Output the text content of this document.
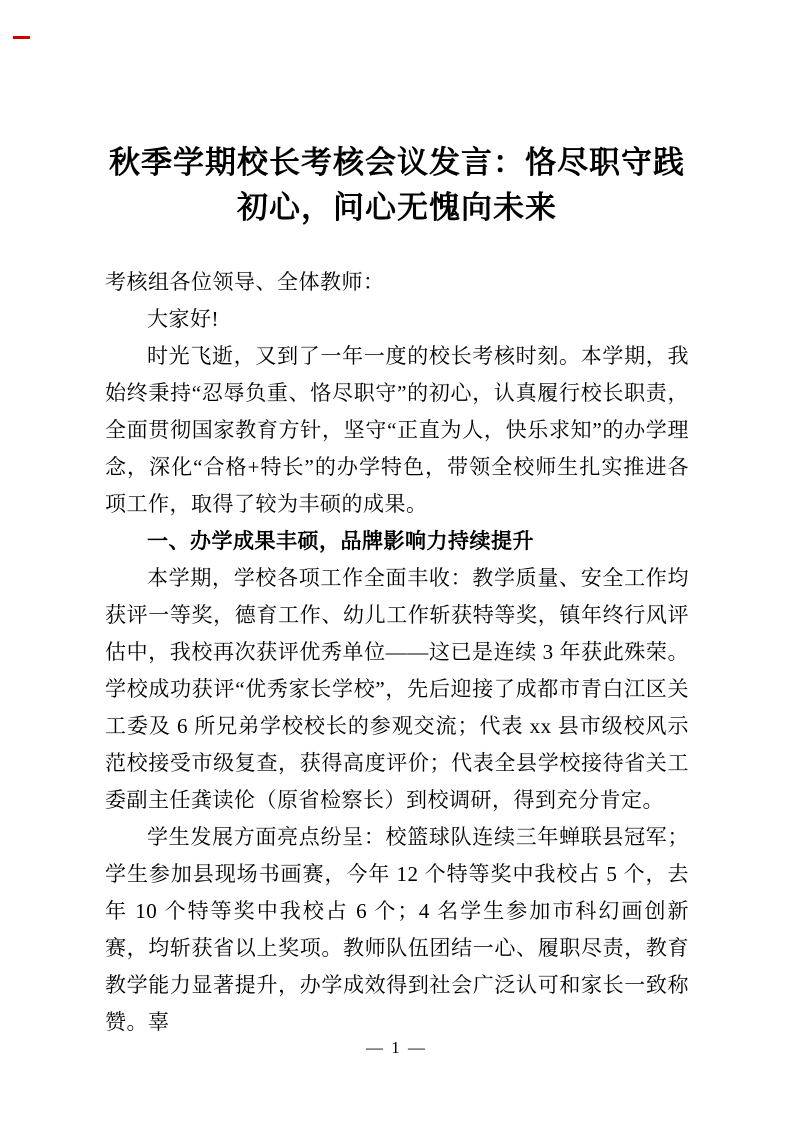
秋季学期校长考核会议发言：恪尽职守践初心，问心无愧向未来

考核组各位领导、全体教师：

大家好!

时光飞逝，又到了一年一度的校长考核时刻。本学期，我始终秉持“忍辱负重、恪尽职守”的初心，认真履行校长职责，全面贯彻国家教育方针，坚守“正直为人，快乐求知”的办学理念，深化“合格+特长”的办学特色，带领全校师生扎实推进各项工作，取得了较为丰硕的成果。

一、办学成果丰硕，品牌影响力持续提升

本学期，学校各项工作全面丰收：教学质量、安全工作均获评一等奖，德育工作、幼儿工作斩获特等奖，镇年终行风评估中，我校再次获评优秀单位——这已是连续 3 年获此殊荣。学校成功获评“优秀家长学校”，先后迎接了成都市青白江区关工委及 6 所兄弟学校校长的参观交流；代表 xx 县市级校风示范校接受市级复查，获得高度评价；代表全县学校接待省关工委副主任龚读伦（原省检察长）到校调研，得到充分肯定。

学生发展方面亮点纷呈：校篮球队连续三年蝉联县冠军；学生参加县现场书画赛，今年 12 个特等奖中我校占 5 个，去年 10 个特等奖中我校占 6 个；4 名学生参加市科幻画创新赛，均斩获省以上奖项。教师队伍团结一心、履职尽责，教育教学能力显著提升，办学成效得到社会广泛认可和家长一致称赞。辜

— 1 —
